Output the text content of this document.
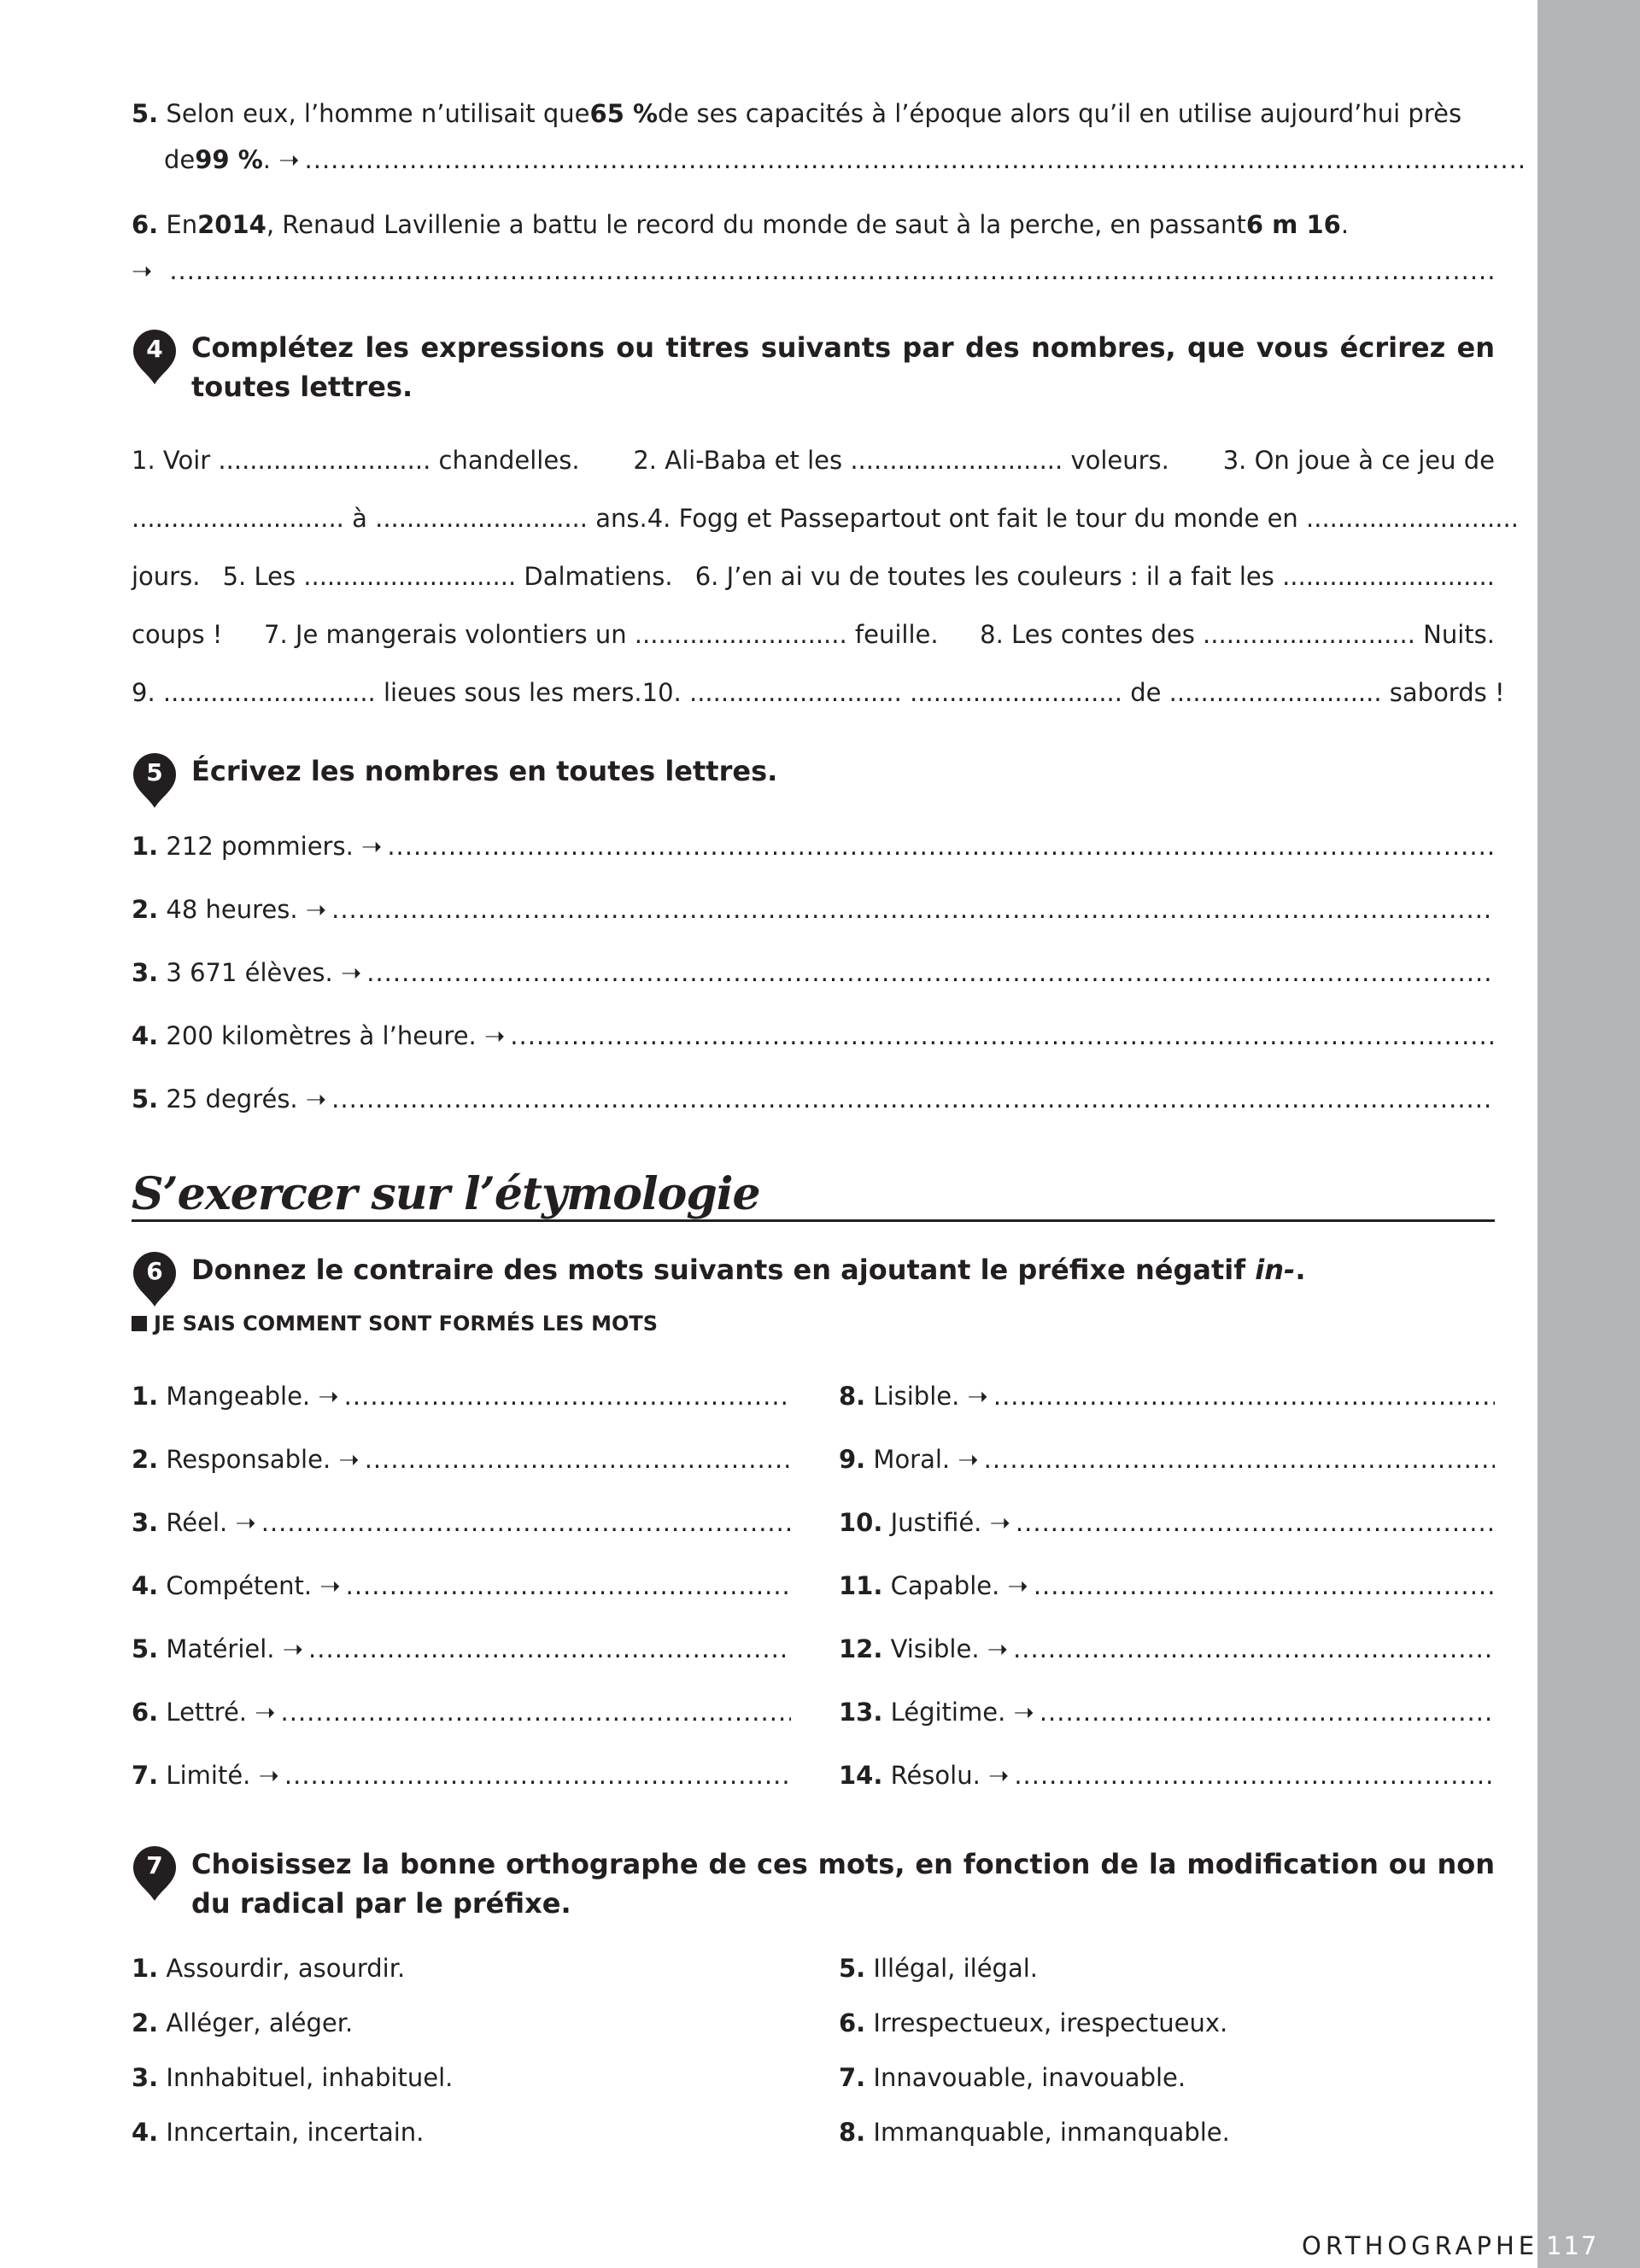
5.
Selon eux, l’homme n’utilisait que 65 % de ses capacités à l’époque alors qu’il en utilise aujourd’hui près
de 99 % . ➝
.....
6.
En 2014 , Renaud Lavillenie a battu le record du monde de saut à la perche, en passant 6 m 16 .
➝
.....
4	Complétez les expressions ou titres suivants par des nombres, que vous écrirez en toutes lettres.
1. Voir ........................... chandelles. 2. Ali-Baba et les ........................... voleurs. 3. On joue à ce jeu de
........................... à ........................... ans. 4. Fogg et Passepartout ont fait le tour du monde en ...........................
jours. 5. Les ........................... Dalmatiens. 6. J’en ai vu de toutes les couleurs : il a fait les ...........................
coups ! 7. Je mangerais volontiers un ........................... feuille. 8. Les contes des ........................... Nuits.
9. ........................... lieues sous les mers. 10. ........................... ........................... de ........................... sabords !
5	Écrivez les nombres en toutes lettres.
1.
212 pommiers. ➝
.....
2.
48 heures. ➝
.....
3.
3 671 élèves. ➝
.....
4.
200 kilomètres à l’heure. ➝
.....
5.
25 degrés. ➝
.....
S’exercer sur l’étymologie
6	Donnez le contraire des mots suivants en ajoutant le préfixe négatif in-.
JE SAIS COMMENT SONT FORMÉS LES MOTS
1.
Mangeable. ➝
.....
2.
Responsable. ➝
.....
3.
Réel. ➝
.....
4.
Compétent. ➝
.....
5.
Matériel. ➝
.....
6.
Lettré. ➝
.....
7.
Limité. ➝
.....
8.
Lisible. ➝
.....
9.
Moral. ➝
.....
10.
Justifié. ➝
.....
11.
Capable. ➝
.....
12.
Visible. ➝
.....
13.
Légitime. ➝
.....
14.
Résolu. ➝
.....
7	Choisissez la bonne orthographe de ces mots, en fonction de la modification ou non du radical par le préfixe.
1.
Assourdir, asourdir.
2.
Alléger, aléger.
3.
Innhabituel, inhabituel.
4.
Inncertain, incertain.
5.
Illégal, ilégal.
6.
Irrespectueux, irespectueux.
7.
Innavouable, inavouable.
8.
Immanquable, inmanquable.
ORTHOGRAPHE 117
